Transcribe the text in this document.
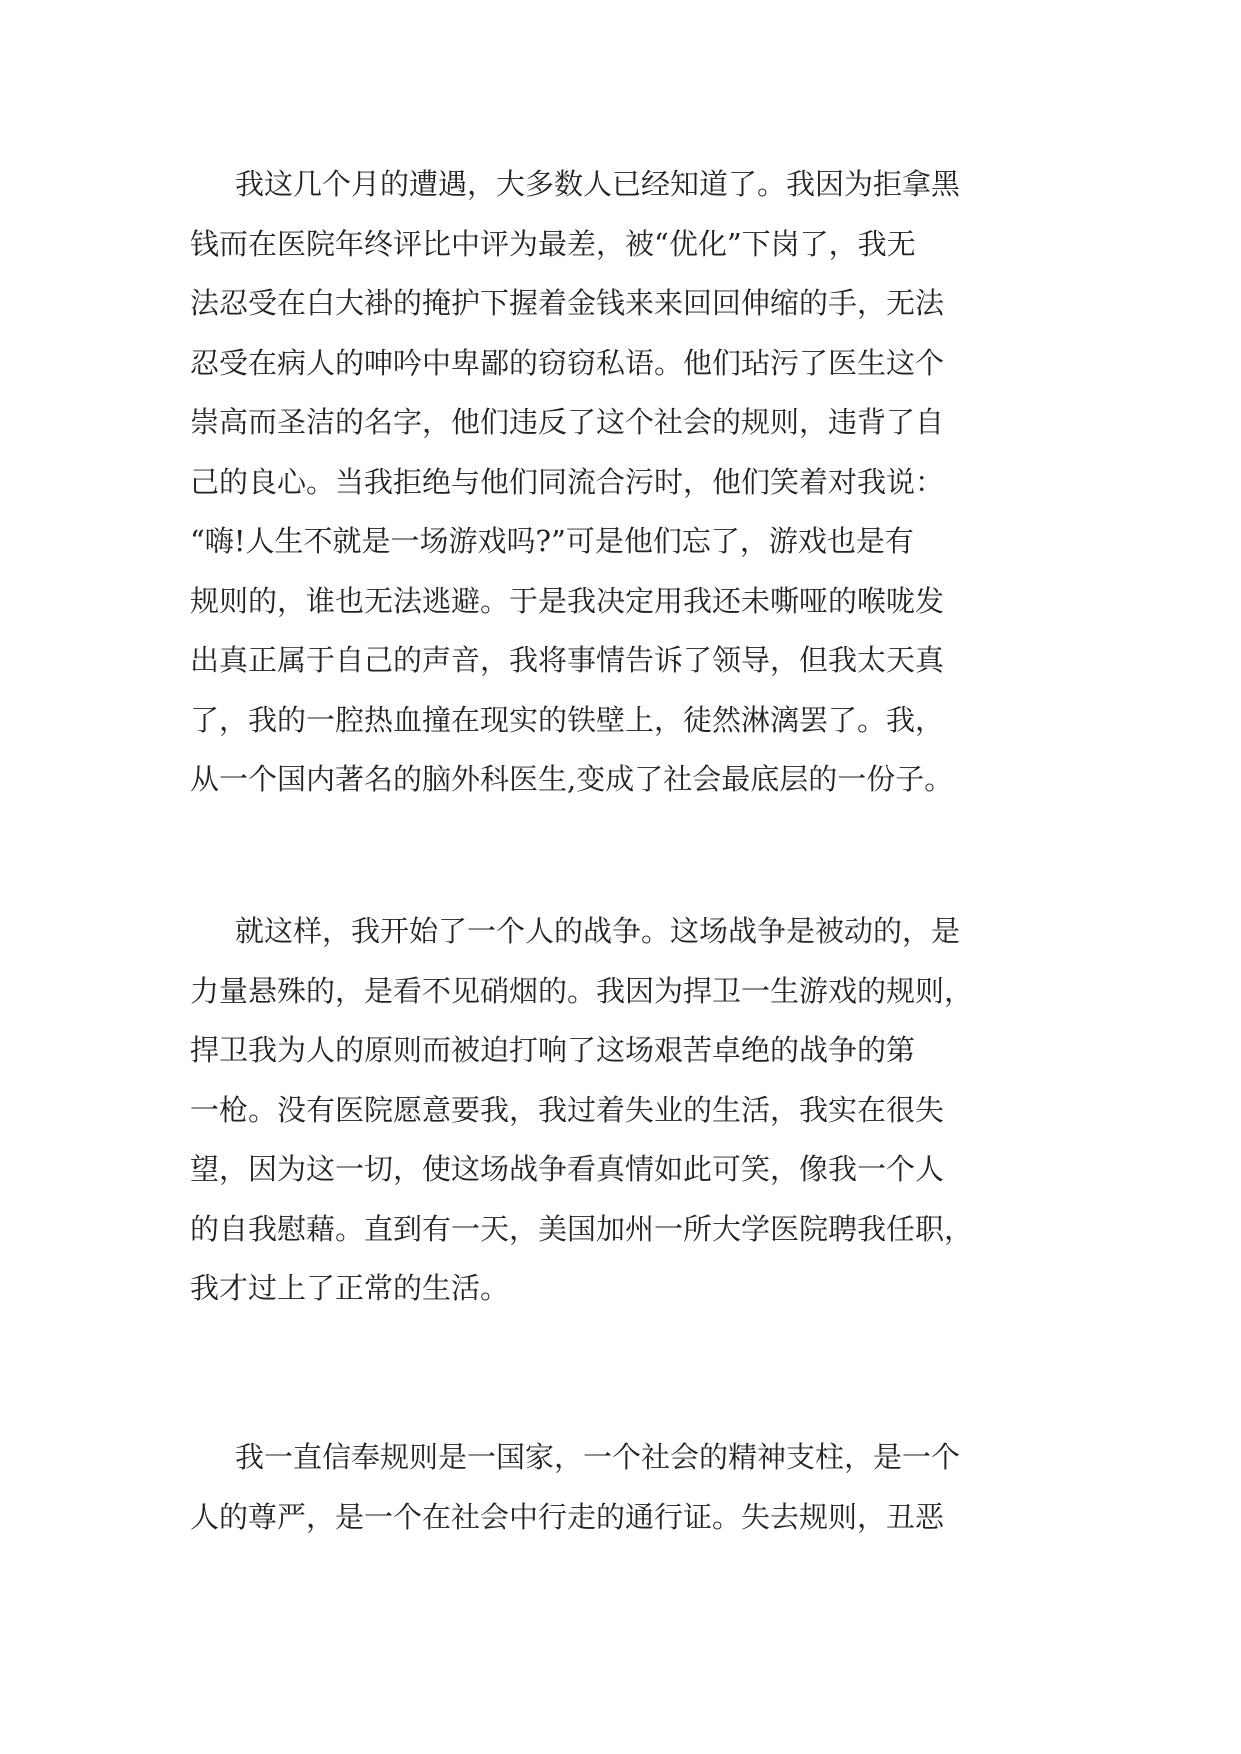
我这几个月的遭遇，大多数人已经知道了。我因为拒拿黑
钱而在医院年终评比中评为最差，被“优化”下岗了，我无
法忍受在白大褂的掩护下握着金钱来来回回伸缩的手，无法
忍受在病人的呻吟中卑鄙的窃窃私语。他们玷污了医生这个
崇高而圣洁的名字，他们违反了这个社会的规则，违背了自
己的良心。当我拒绝与他们同流合污时，他们笑着对我说：
“嗨!人生不就是一场游戏吗?”可是他们忘了，游戏也是有
规则的，谁也无法逃避。于是我决定用我还未嘶哑的喉咙发
出真正属于自己的声音，我将事情告诉了领导，但我太天真
了，我的一腔热血撞在现实的铁壁上，徒然淋漓罢了。我，
从一个国内著名的脑外科医生,变成了社会最底层的一份子。
就这样，我开始了一个人的战争。这场战争是被动的，是
力量悬殊的，是看不见硝烟的。我因为捍卫一生游戏的规则，
捍卫我为人的原则而被迫打响了这场艰苦卓绝的战争的第
一枪。没有医院愿意要我，我过着失业的生活，我实在很失
望，因为这一切，使这场战争看真情如此可笑，像我一个人
的自我慰藉。直到有一天，美国加州一所大学医院聘我任职，
我才过上了正常的生活。
我一直信奉规则是一国家，一个社会的精神支柱，是一个
人的尊严，是一个在社会中行走的通行证。失去规则，丑恶
